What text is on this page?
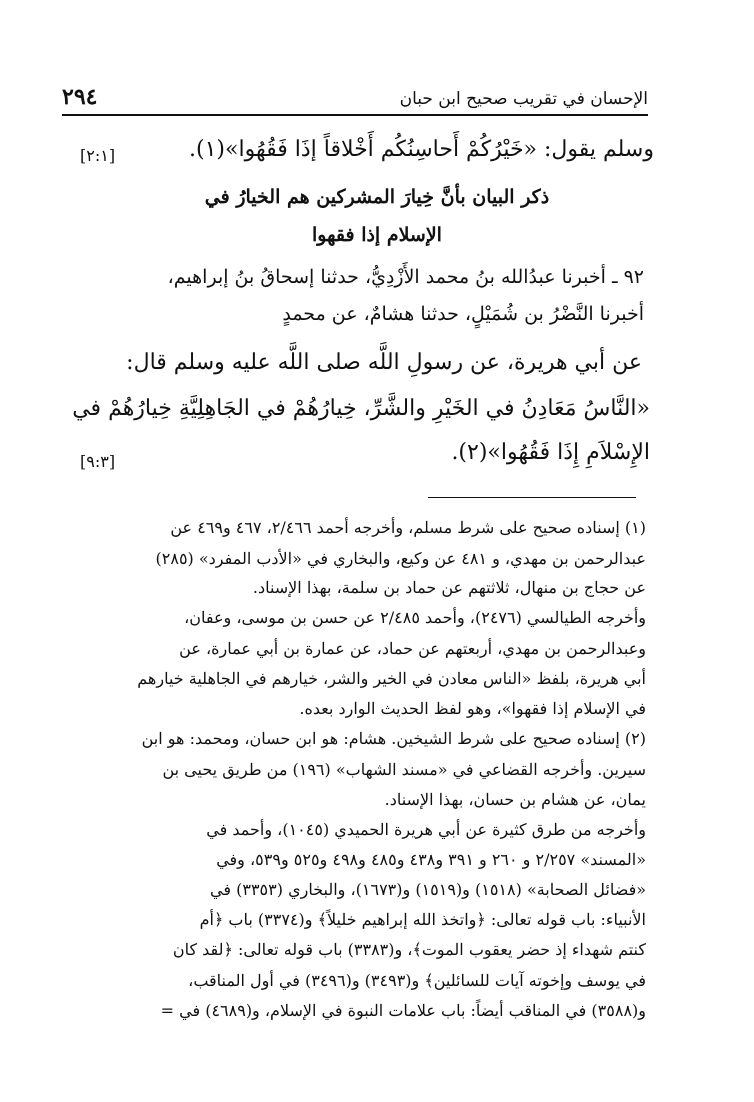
الإحسان في تقريب صحيح ابن حبان
٢٩٤
وسلم يقول: «خَيْرُكُمْ أَحاسِنُكُم أَخْلاقاً إذَا فَقُهُوا»(١).
[٢:١]
ذكر البيان بأنَّ خِيارَ المشركين هم الخيارُ في
الإسلام إذا فقهوا
٩٢ ـ أخبرنا عبدُالله بنُ محمد الأَزْدِيُّ، حدثنا إسحاقُ بنُ إبراهيم،
أخبرنا النَّضْرُ بن شُمَيْلٍ، حدثنا هشامٌ، عن محمدٍ
عن أبي هريرة، عن رسولِ اللَّه صلى اللَّه عليه وسلم قال:
«النَّاسُ مَعَادِنُ في الخَيْرِ والشَّرِّ، خِيارُهُمْ في الجَاهِلِيَّةِ خِيارُهُمْ في
الإِسْلاَمِ إِذَا فَقُهُوا»(٢).
[٩:٣]
(١) إسناده صحيح على شرط مسلم، وأخرجه أحمد ٢/٤٦٦، ٤٦٧ و٤٦٩ عن
عبدالرحمن بن مهدي، و ٤٨١ عن وكيع، والبخاري في «الأدب المفرد» (٢٨٥)
عن حجاج بن منهال، ثلاثتهم عن حماد بن سلمة، بهذا الإسناد.
وأخرجه الطيالسي (٢٤٧٦)، وأحمد ٢/٤٨٥ عن حسن بن موسى، وعفان،
وعبدالرحمن بن مهدي، أربعتهم عن حماد، عن عمارة بن أبي عمارة، عن
أبي هريرة، بلفظ «الناس معادن في الخير والشر، خيارهم في الجاهلية خيارهم
في الإسلام إذا فقهوا»، وهو لفظ الحديث الوارد بعده.
(٢) إسناده صحيح على شرط الشيخين. هشام: هو ابن حسان، ومحمد: هو ابن
سيرين. وأخرجه القضاعي في «مسند الشهاب» (١٩٦) من طريق يحيى بن
يمان، عن هشام بن حسان، بهذا الإسناد.
وأخرجه من طرق كثيرة عن أبي هريرة الحميدي (١٠٤٥)، وأحمد في
«المسند» ٢/٢٥٧ و ٢٦٠ و ٣٩١ و٤٣٨ و٤٨٥ و٤٩٨ و٥٢٥ و٥٣٩، وفي
«فضائل الصحابة» (١٥١٨) و(١٥١٩) و(١٦٧٣)، والبخاري (٣٣٥٣) في
الأنبياء: باب قوله تعالى: ﴿واتخذ الله إبراهيم خليلاً﴾ و(٣٣٧٤) باب ﴿أم
كنتم شهداء إذ حضر يعقوب الموت﴾، و(٣٣٨٣) باب قوله تعالى: ﴿لقد كان
في يوسف وإخوته آيات للسائلين﴾ و(٣٤٩٣) و(٣٤٩٦) في أول المناقب،
و(٣٥٨٨) في المناقب أيضاً: باب علامات النبوة في الإسلام، و(٤٦٨٩) في =
